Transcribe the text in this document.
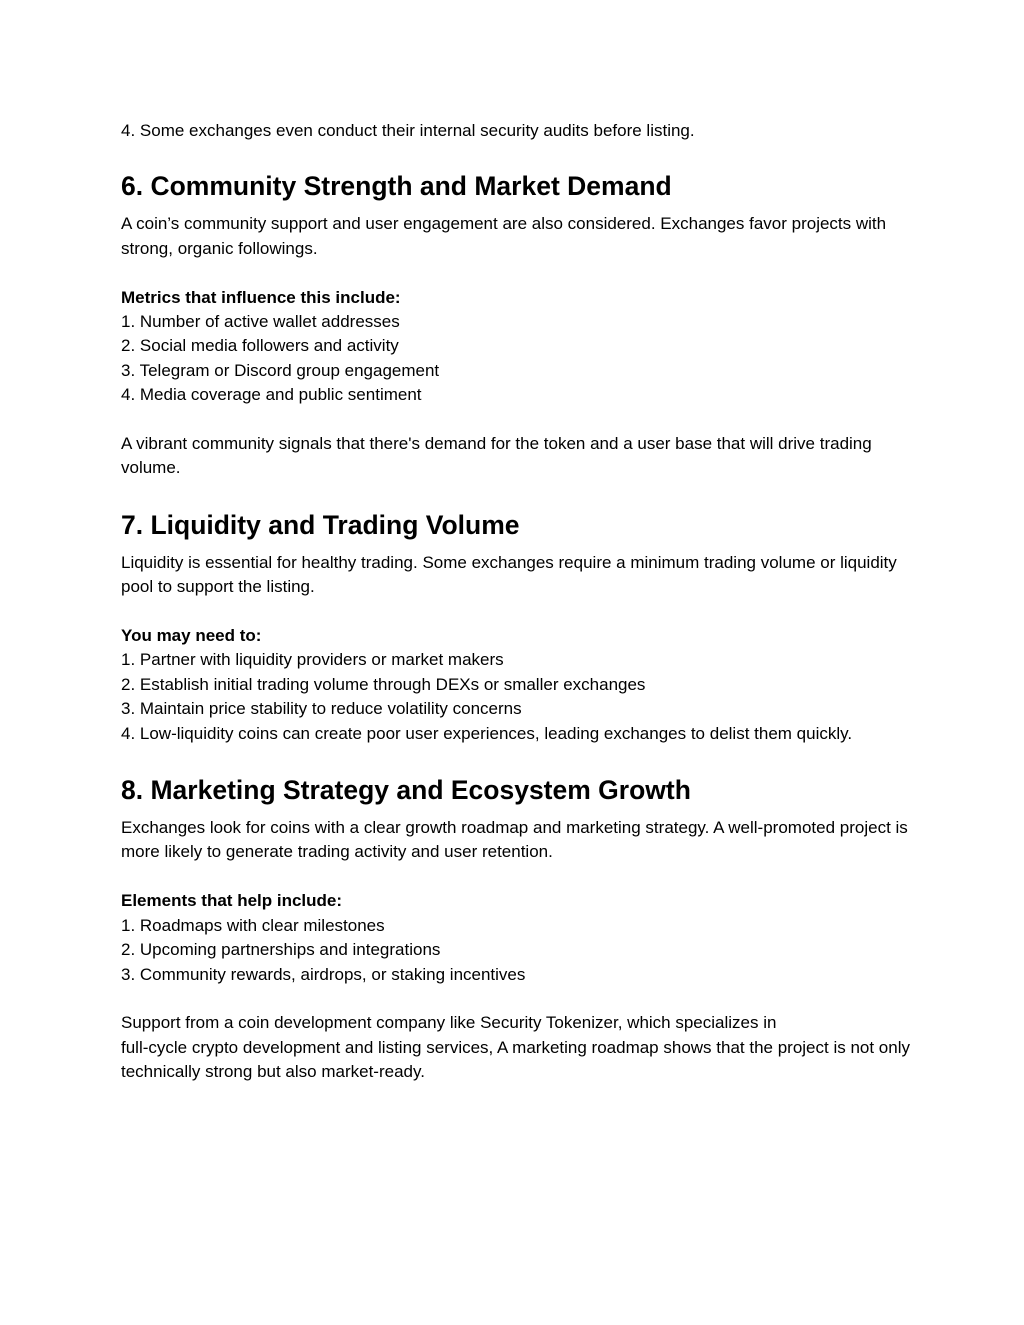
4. Some exchanges even conduct their internal security audits before listing.

6. Community Strength and Market Demand

A coin’s community support and user engagement are also considered. Exchanges favor projects with strong, organic followings.

Metrics that influence this include:

1. Number of active wallet addresses
2. Social media followers and activity
3. Telegram or Discord group engagement
4. Media coverage and public sentiment

A vibrant community signals that there's demand for the token and a user base that will drive trading volume.

7. Liquidity and Trading Volume

Liquidity is essential for healthy trading. Some exchanges require a minimum trading volume or liquidity pool to support the listing.

You may need to:

1. Partner with liquidity providers or market makers
2. Establish initial trading volume through DEXs or smaller exchanges
3. Maintain price stability to reduce volatility concerns
4. Low-liquidity coins can create poor user experiences, leading exchanges to delist them quickly.
8. Marketing Strategy and Ecosystem Growth

Exchanges look for coins with a clear growth roadmap and marketing strategy. A well-promoted project is more likely to generate trading activity and user retention.

Elements that help include:

1. Roadmaps with clear milestones
2. Upcoming partnerships and integrations
3. Community rewards, airdrops, or staking incentives

Support from a coin development company like Security Tokenizer, which specializes in
full-cycle crypto development and listing services, A marketing roadmap shows that the project is not only technically strong but also market-ready.
